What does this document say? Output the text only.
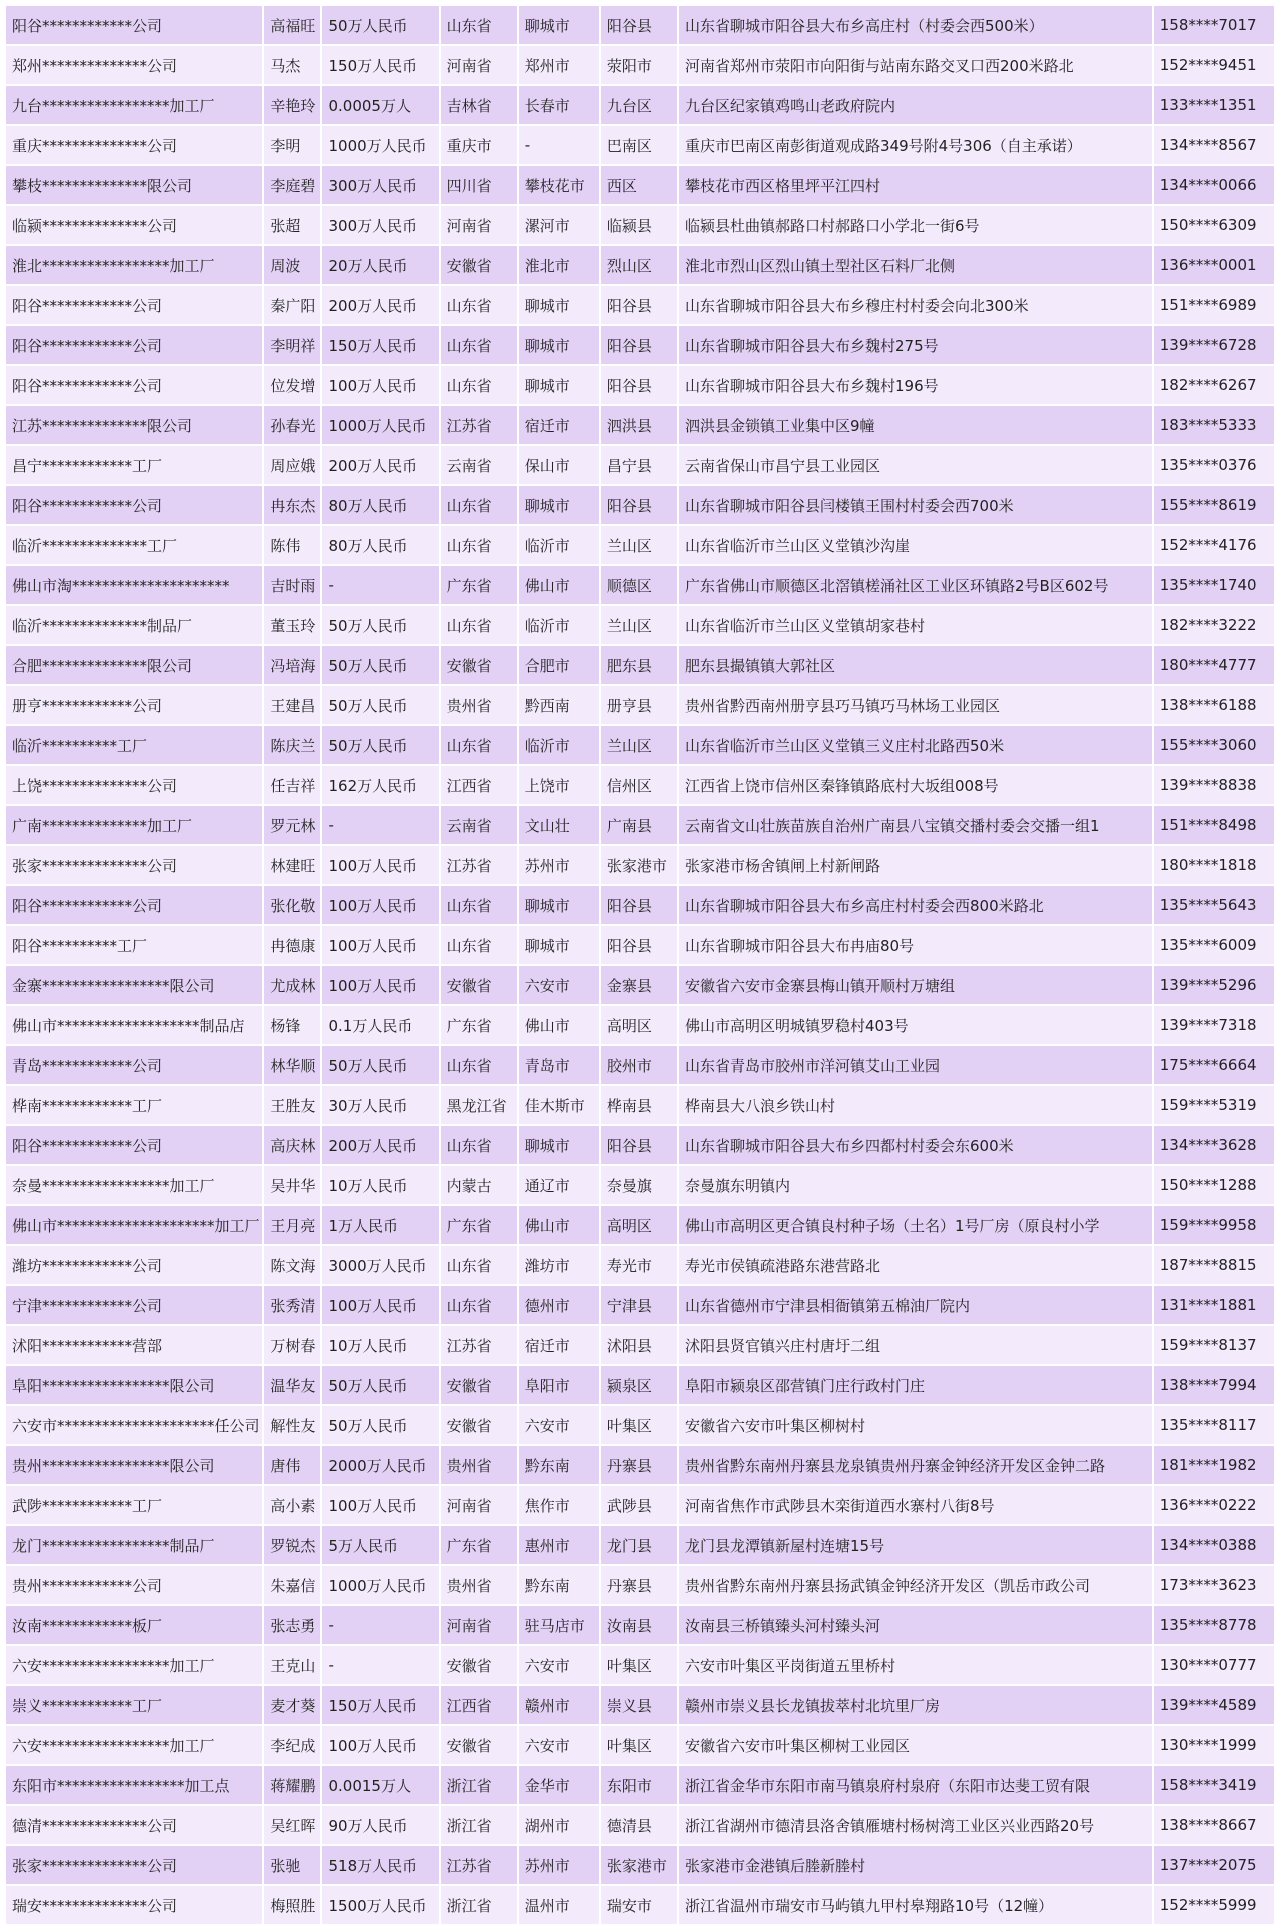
阳谷************公司	高福旺	50万人民币	山东省	聊城市	阳谷县	山东省聊城市阳谷县大布乡高庄村（村委会西500米）	158****7017
郑州**************公司	马杰	150万人民币	河南省	郑州市	荥阳市	河南省郑州市荥阳市向阳街与站南东路交叉口西200米路北	152****9451
九台*****************加工厂	辛艳玲	0.0005万人	吉林省	长春市	九台区	九台区纪家镇鸡鸣山老政府院内	133****1351
重庆**************公司	李明	1000万人民币	重庆市	-	巴南区	重庆市巴南区南彭街道观成路349号附4号306（自主承诺）	134****8567
攀枝**************限公司	李庭碧	300万人民币	四川省	攀枝花市	西区	攀枝花市西区格里坪平江四村	134****0066
临颍**************公司	张超	300万人民币	河南省	漯河市	临颍县	临颍县杜曲镇郝路口村郝路口小学北一街6号	150****6309
淮北*****************加工厂	周波	20万人民币	安徽省	淮北市	烈山区	淮北市烈山区烈山镇土型社区石料厂北侧	136****0001
阳谷************公司	秦广阳	200万人民币	山东省	聊城市	阳谷县	山东省聊城市阳谷县大布乡穆庄村村委会向北300米	151****6989
阳谷************公司	李明祥	150万人民币	山东省	聊城市	阳谷县	山东省聊城市阳谷县大布乡魏村275号	139****6728
阳谷************公司	位发增	100万人民币	山东省	聊城市	阳谷县	山东省聊城市阳谷县大布乡魏村196号	182****6267
江苏**************限公司	孙春光	1000万人民币	江苏省	宿迁市	泗洪县	泗洪县金锁镇工业集中区9幢	183****5333
昌宁************工厂	周应娥	200万人民币	云南省	保山市	昌宁县	云南省保山市昌宁县工业园区	135****0376
阳谷************公司	冉东杰	80万人民币	山东省	聊城市	阳谷县	山东省聊城市阳谷县闫楼镇王围村村委会西700米	155****8619
临沂**************工厂	陈伟	80万人民币	山东省	临沂市	兰山区	山东省临沂市兰山区义堂镇沙沟崖	152****4176
佛山市淘*********************	吉时雨	-	广东省	佛山市	顺德区	广东省佛山市顺德区北滘镇槎涌社区工业区环镇路2号B区602号	135****1740
临沂**************制品厂	董玉玲	50万人民币	山东省	临沂市	兰山区	山东省临沂市兰山区义堂镇胡家巷村	182****3222
合肥**************限公司	冯培海	50万人民币	安徽省	合肥市	肥东县	肥东县撮镇镇大郭社区	180****4777
册亨************公司	王建昌	50万人民币	贵州省	黔西南	册亨县	贵州省黔西南州册亨县巧马镇巧马林场工业园区	138****6188
临沂**********工厂	陈庆兰	50万人民币	山东省	临沂市	兰山区	山东省临沂市兰山区义堂镇三义庄村北路西50米	155****3060
上饶**************公司	任吉祥	162万人民币	江西省	上饶市	信州区	江西省上饶市信州区秦锋镇路底村大坂组008号	139****8838
广南**************加工厂	罗元林	-	云南省	文山壮	广南县	云南省文山壮族苗族自治州广南县八宝镇交播村委会交播一组1	151****8498
张家**************公司	林建旺	100万人民币	江苏省	苏州市	张家港市	张家港市杨舍镇闸上村新闸路	180****1818
阳谷************公司	张化敬	100万人民币	山东省	聊城市	阳谷县	山东省聊城市阳谷县大布乡高庄村村委会西800米路北	135****5643
阳谷**********工厂	冉德康	100万人民币	山东省	聊城市	阳谷县	山东省聊城市阳谷县大布冉庙80号	135****6009
金寨*****************限公司	尤成林	100万人民币	安徽省	六安市	金寨县	安徽省六安市金寨县梅山镇开顺村万塘组	139****5296
佛山市*******************制品店	杨锋	0.1万人民币	广东省	佛山市	高明区	佛山市高明区明城镇罗稳村403号	139****7318
青岛************公司	林华顺	50万人民币	山东省	青岛市	胶州市	山东省青岛市胶州市洋河镇艾山工业园	175****6664
桦南************工厂	王胜友	30万人民币	黑龙江省	佳木斯市	桦南县	桦南县大八浪乡铁山村	159****5319
阳谷************公司	高庆林	200万人民币	山东省	聊城市	阳谷县	山东省聊城市阳谷县大布乡四都村村委会东600米	134****3628
奈曼*****************加工厂	吴井华	10万人民币	内蒙古	通辽市	奈曼旗	奈曼旗东明镇内	150****1288
佛山市*********************加工厂	王月亮	1万人民币	广东省	佛山市	高明区	佛山市高明区更合镇良村种子场（土名）1号厂房（原良村小学	159****9958
潍坊************公司	陈文海	3000万人民币	山东省	潍坊市	寿光市	寿光市侯镇疏港路东港营路北	187****8815
宁津************公司	张秀清	100万人民币	山东省	德州市	宁津县	山东省德州市宁津县相衙镇第五棉油厂院内	131****1881
沭阳************营部	万树春	10万人民币	江苏省	宿迁市	沭阳县	沭阳县贤官镇兴庄村唐圩二组	159****8137
阜阳*****************限公司	温华友	50万人民币	安徽省	阜阳市	颍泉区	阜阳市颍泉区邵营镇门庄行政村门庄	138****7994
六安市*********************任公司	解性友	50万人民币	安徽省	六安市	叶集区	安徽省六安市叶集区柳树村	135****8117
贵州*****************限公司	唐伟	2000万人民币	贵州省	黔东南	丹寨县	贵州省黔东南州丹寨县龙泉镇贵州丹寨金钟经济开发区金钟二路	181****1982
武陟************工厂	高小素	100万人民币	河南省	焦作市	武陟县	河南省焦作市武陟县木栾街道西水寨村八街8号	136****0222
龙门*****************制品厂	罗锐杰	5万人民币	广东省	惠州市	龙门县	龙门县龙潭镇新屋村连塘15号	134****0388
贵州************公司	朱嘉信	1000万人民币	贵州省	黔东南	丹寨县	贵州省黔东南州丹寨县扬武镇金钟经济开发区（凯岳市政公司	173****3623
汝南************板厂	张志勇	-	河南省	驻马店市	汝南县	汝南县三桥镇臻头河村臻头河	135****8778
六安*****************加工厂	王克山	-	安徽省	六安市	叶集区	六安市叶集区平岗街道五里桥村	130****0777
崇义************工厂	麦才葵	150万人民币	江西省	赣州市	崇义县	赣州市崇义县长龙镇拔萃村北坑里厂房	139****4589
六安*****************加工厂	李纪成	100万人民币	安徽省	六安市	叶集区	安徽省六安市叶集区柳树工业园区	130****1999
东阳市*****************加工点	蒋耀鹏	0.0015万人	浙江省	金华市	东阳市	浙江省金华市东阳市南马镇泉府村泉府（东阳市达斐工贸有限	158****3419
德清**************公司	吴红晖	90万人民币	浙江省	湖州市	德清县	浙江省湖州市德清县洛舍镇雁塘村杨树湾工业区兴业西路20号	138****8667
张家**************公司	张驰	518万人民币	江苏省	苏州市	张家港市	张家港市金港镇后塍新塍村	137****2075
瑞安**************公司	梅照胜	1500万人民币	浙江省	温州市	瑞安市	浙江省温州市瑞安市马屿镇九甲村皋翔路10号（12幢）	152****5999
